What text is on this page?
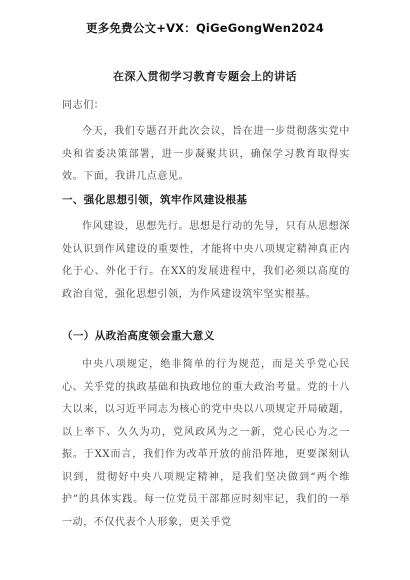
更多免费公文+VX：QiGeGongWen2024
在深入贯彻学习教育专题会上的讲话

同志们：

今天，我们专题召开此次会议，旨在进一步贯彻落实党中央和省委决策部署，进一步凝聚共识，确保学习教育取得实效。下面，我讲几点意见。

一、强化思想引领，筑牢作风建设根基

作风建设，思想先行。思想是行动的先导，只有从思想深处认识到作风建设的重要性，才能将中央八项规定精神真正内化于心、外化于行。在XX的发展进程中，我们必须以高度的政治自觉，强化思想引领，为作风建设筑牢坚实根基。

（一）从政治高度领会重大意义

中央八项规定，绝非简单的行为规范，而是关乎党心民心、关乎党的执政基础和执政地位的重大政治考量。党的十八大以来，以习近平同志为核心的党中央以八项规定开局破题，以上率下、久久为功，党风政风为之一新，党心民心为之一振。于XX而言，我们作为改革开放的前沿阵地，更要深刻认识到，贯彻好中央八项规定精神，是我们坚决做到“两个维护”的具体实践。每一位党员干部都应时刻牢记，我们的一举一动，不仅代表个人形象，更关乎党
